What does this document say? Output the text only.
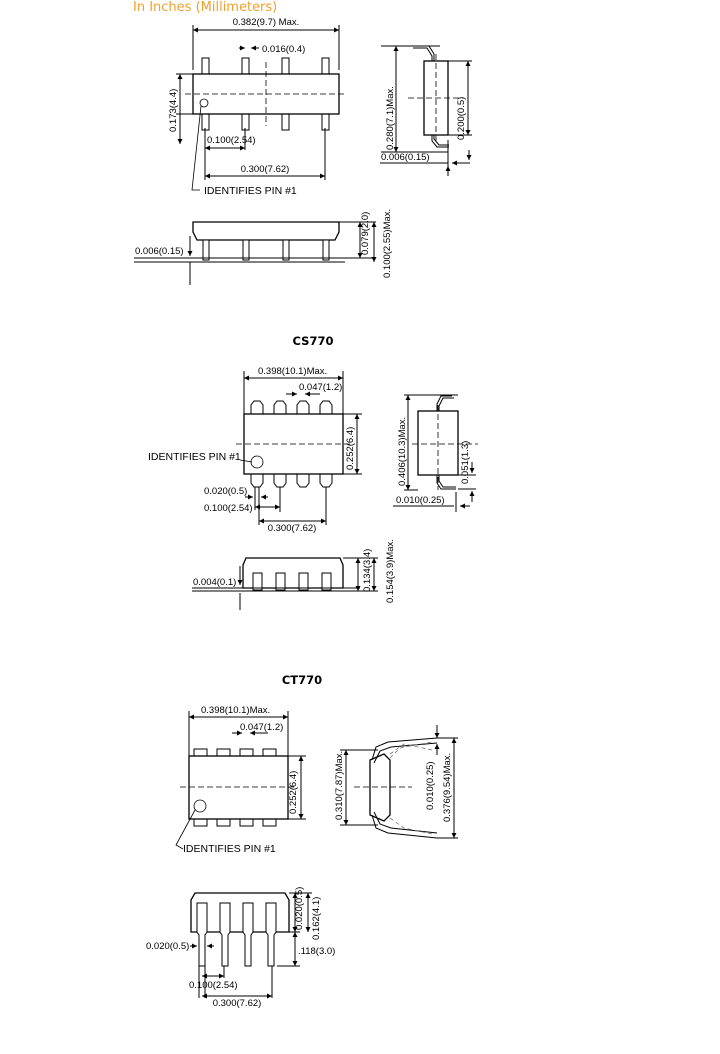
In Inches (Millimeters)
0.382(9.7) Max.
0.016(0.4)
0.173(4.4)
0.100(2.54)
0.300(7.62)
IDENTIFIES PIN #1
0.280(7.1)Max.	0.200(0.5)
0.006(0.15)
0.006(0.15)	0.079(2.0) 0.100(2.55)Max.
CS770
0.398(10.1)Max.
0.047(1.2)
IDENTIFIES PIN #1	0.252(6.4)
0.020(0.5)
0.100(2.54)
0.300(7.62)
0.406(10.3)Max.	0.051(1.3)
0.010(0.25)
0.004(0.1)	0.134(3.4) 0.154(3.9)Max.
CT770
0.398(10.1)Max.
0.047(1.2)
0.252(6.4)
IDENTIFIES PIN #1
0.310(7.87)Max.	0.010(0.25) 0.376(9.54)Max.
0.020(0.5)
0.100(2.54)
0.300(7.62)
0.020(0.5) 0.162(4.1)
.118(3.0)
